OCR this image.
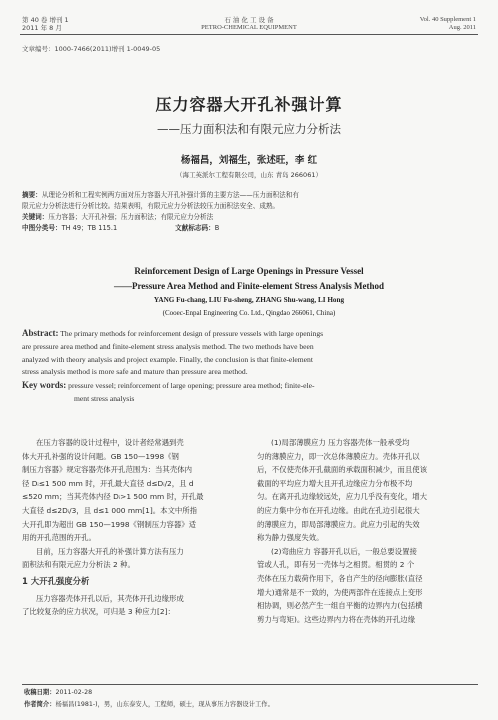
第 40 卷 增刊 1
2011 年 8 月
石 油 化 工 设 备
PETRO-CHEMICAL EQUIPMENT
Vol. 40 Supplement 1
Aug. 2011
文章编号：1000-7466(2011)增刊 1-0049-05
压力容器大开孔补强计算
——压力面积法和有限元应力分析法
杨福昌，刘福生，张述旺，李 红
（海工英派尔工程有限公司，山东 青岛 266061）
摘要：从理论分析和工程实例两方面对压力容器大开孔补强计算的主要方法——压力面积法和有
限元应力分析法进行分析比较。结果表明，有限元应力分析法较压力面积法安全、成熟。
关键词：压力容器；大开孔补强；压力面积法；有限元应力分析法
中图分类号：TH 49；TB 115.1	文献标志码：B
Reinforcement Design of Large Openings in Pressure Vessel
——Pressure Area Method and Finite-element Stress Analysis Method
YANG Fu-chang, LIU Fu-sheng, ZHANG Shu-wang, LI Hong
(Cooec-Enpal Engineering Co. Ltd., Qingdao 266061, China)
Abstract: The primary methods for reinforcement design of pressure vessels with large openings
are pressure area method and finite-element stress analysis method. The two methods have been
analyzed with theory analysis and project example. Finally, the conclusion is that finite-element
stress analysis method is more safe and mature than pressure area method.
Key words: pressure vessel; reinforcement of large opening; pressure area method; finite-ele-
ment stress analysis
在压力容器的设计过程中，设计者经常遇到壳
体大开孔补强的设计问题。GB 150—1998《钢
制压力容器》规定容器壳体开孔范围为：当其壳体内
径 Dᵢ≤1 500 mm 时，开孔最大直径 d≤Dᵢ/2，且 d
≤520 mm；当其壳体内径 Dᵢ>1 500 mm 时，开孔最
大直径 d≤2Dᵢ/3，且 d≤1 000 mm[1]。本文中所指
大开孔即为超出 GB 150—1998《钢制压力容器》适
用的开孔范围的开孔。
目前，压力容器大开孔的补强计算方法有压力
面积法和有限元应力分析法 2 种。
1 大开孔强度分析
压力容器壳体开孔以后，其壳体开孔边缘形成
了比较复杂的应力状况，可归是 3 种应力[2]：
(1)局部薄膜应力 压力容器壳体一般承受均
匀的薄膜应力，即一次总体薄膜应力。壳体开孔以
后，不仅使壳体开孔截面的承载面积减少，而且使该
截面的平均应力增大且开孔边缘应力分布极不均
匀。在离开孔边缘较远处，应力几乎没有变化，增大
的应力集中分布在开孔边缘。由此在孔边引起很大
的薄膜应力，即局部薄膜应力。此应力引起的失效
称为静力强度失效。
(2)弯曲应力 容器开孔以后，一般总要设置接
管或人孔，即有另一壳体与之相贯。相贯的 2 个
壳体在压力载荷作用下，各自产生的径向膨胀(直径
增大)通常是不一致的，为使两部件在连接点上变形
相协调，则必然产生一组自平衡的边界内力(包括横
剪力与弯矩)。这些边界内力将在壳体的开孔边缘
收稿日期：2011-02-28
作者简介：杨福昌(1981-)，男，山东泰安人，工程师，硕士，现从事压力容器设计工作。
